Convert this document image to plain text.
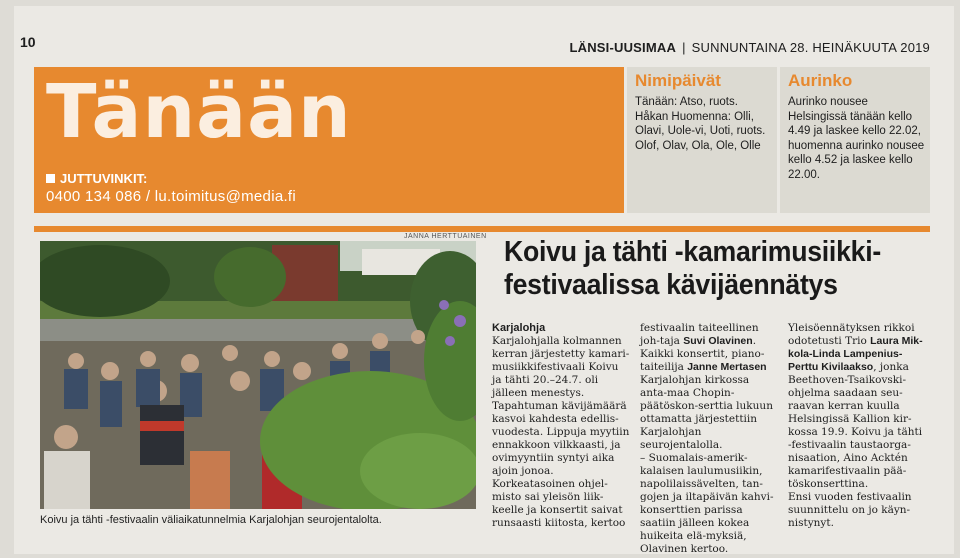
10	LÄNSI-UUSIMAA | SUNNUNTAINA 28. HEINÄKUUTA 2019
Tänään
JUTTUVINKIT:
0400 134 086 / lu.toimitus@media.fi
Nimipäivät

Tänään: Atso, ruots. Håkan Huomenna: Olli, Olavi, Uole-vi, Uoti, ruots. Olof, Olav, Ola, Ole, Olle

Aurinko

Aurinko nousee Helsingissä tänään kello 4.49 ja laskee kello 22.02, huomenna aurinko nousee kello 4.52 ja laskee kello 22.00.

JANNA HERTTUAINEN
Koivu ja tähti -festivaalin väliaikatunnelmia Karjalohjan seurojentalolta.
Koivu ja tähti -kamarimusiikki-festivaalissa kävijäennätys

Karjalohja

Karjalohjalla kolmannen kerran järjestetty kamari-musiikkifestivaali Koivu ja tähti 20.–24.7. oli jälleen menestys.

Tapahtuman kävijämäärä kasvoi kahdesta edellis-vuodesta. Lippuja myytiin ennakkoon vilkkaasti, ja ovimyyntiin syntyi aika ajoin jonoa.

Korkeatasoinen ohjel-misto sai yleisön liik-keelle ja konsertit saivat runsaasti kiitosta, kertoo

festivaalin taiteellinen joh-taja Suvi Olavinen.

Kaikki konsertit, piano-taiteilija Janne Mertasen Karjalohjan kirkossa anta-maa Chopin-päätöskon-serttia lukuun ottamatta järjestettiin Karjalohjan seurojentalolla.

– Suomalais-amerik-kalaisen laulumusiikin, napolilaissävelten, tan-gojen ja iltapäivän kahvi-konserttien parissa saatiin jälleen kokea huikeita elä-myksiä, Olavinen kertoo.

Yleisöennätyksen rikkoi odotetusti Trio Laura Mik-kola-Linda Lampenius-Perttu Kivilaakso, jonka Beethoven-Tsaikovski-ohjelma saadaan seu-raavan kerran kuulla Helsingissä Kallion kir-kossa 19.9. Koivu ja tähti -festivaalin taustaorga-nisaation, Aino Acktén kamarifestivaalin pää-töskonserttina.

Ensi vuoden festivaalin suunnittelu on jo käyn-nistynyt.
